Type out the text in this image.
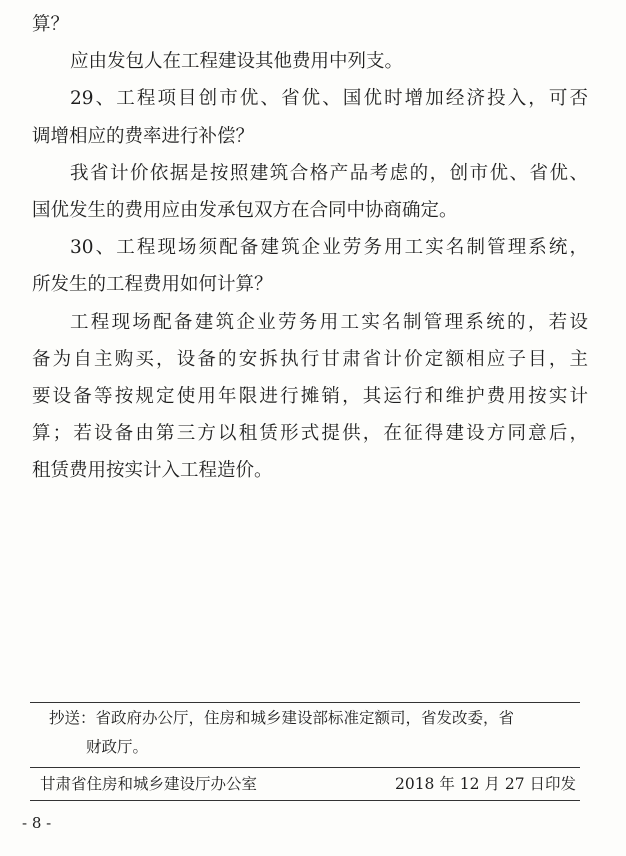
算？
应由发包人在工程建设其他费用中列支。
29、工程项目创市优、省优、国优时增加经济投入，可否
调增相应的费率进行补偿？
我省计价依据是按照建筑合格产品考虑的，创市优、省优、
国优发生的费用应由发承包双方在合同中协商确定。
30、工程现场须配备建筑企业劳务用工实名制管理系统，
所发生的工程费用如何计算？
工程现场配备建筑企业劳务用工实名制管理系统的，若设
备为自主购买，设备的安拆执行甘肃省计价定额相应子目，主
要设备等按规定使用年限进行摊销，其运行和维护费用按实计
算；若设备由第三方以租赁形式提供，在征得建设方同意后，
租赁费用按实计入工程造价。
抄送：省政府办公厅，住房和城乡建设部标准定额司，省发改委，省
财政厅。
甘肃省住房和城乡建设厅办公室	2018 年 12 月 27 日印发
- 8 -
